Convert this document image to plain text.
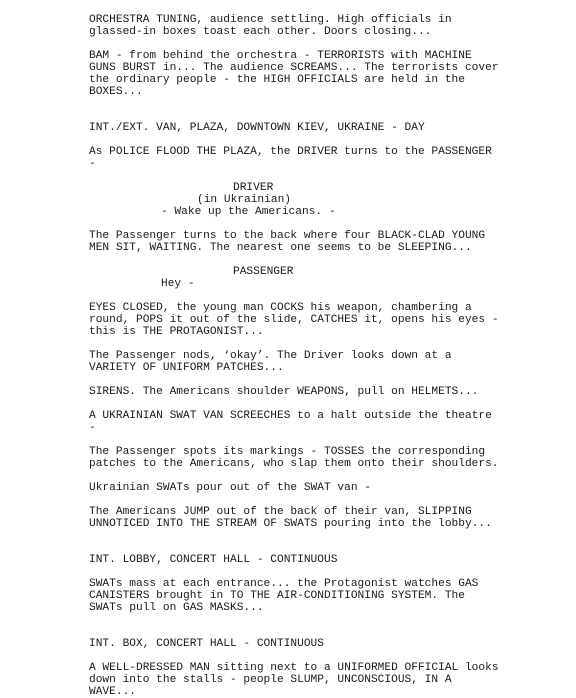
ORCHESTRA TUNING, audience settling. High officials in
glassed-in boxes toast each other. Doors closing...
BAM - from behind the orchestra - TERRORISTS with MACHINE
GUNS BURST in... The audience SCREAMS... The terrorists cover
the ordinary people - the HIGH OFFICIALS are held in the
BOXES...
INT./EXT. VAN, PLAZA, DOWNTOWN KIEV, UKRAINE - DAY
As POLICE FLOOD THE PLAZA, the DRIVER turns to the PASSENGER
-
DRIVER
(in Ukrainian)
- Wake up the Americans. -
The Passenger turns to the back where four BLACK-CLAD YOUNG
MEN SIT, WAITING. The nearest one seems to be SLEEPING...
PASSENGER
Hey -
EYES CLOSED, the young man COCKS his weapon, chambering a
round, POPS it out of the slide, CATCHES it, opens his eyes -
this is THE PROTAGONIST...
The Passenger nods, ‘okay’. The Driver looks down at a
VARIETY OF UNIFORM PATCHES...
SIRENS. The Americans shoulder WEAPONS, pull on HELMETS...
A UKRAINIAN SWAT VAN SCREECHES to a halt outside the theatre
-
The Passenger spots its markings - TOSSES the corresponding
patches to the Americans, who slap them onto their shoulders.
Ukrainian SWATs pour out of the SWAT van -
The Americans JUMP out of the back of their van, SLIPPING
UNNOTICED INTO THE STREAM OF SWATS pouring into the lobby...
INT. LOBBY, CONCERT HALL - CONTINUOUS
SWATs mass at each entrance... the Protagonist watches GAS
CANISTERS brought in TO THE AIR-CONDITIONING SYSTEM. The
SWATs pull on GAS MASKS...
INT. BOX, CONCERT HALL - CONTINUOUS
A WELL-DRESSED MAN sitting next to a UNIFORMED OFFICIAL looks
down into the stalls - people SLUMP, UNCONSCIOUS, IN A
WAVE...
